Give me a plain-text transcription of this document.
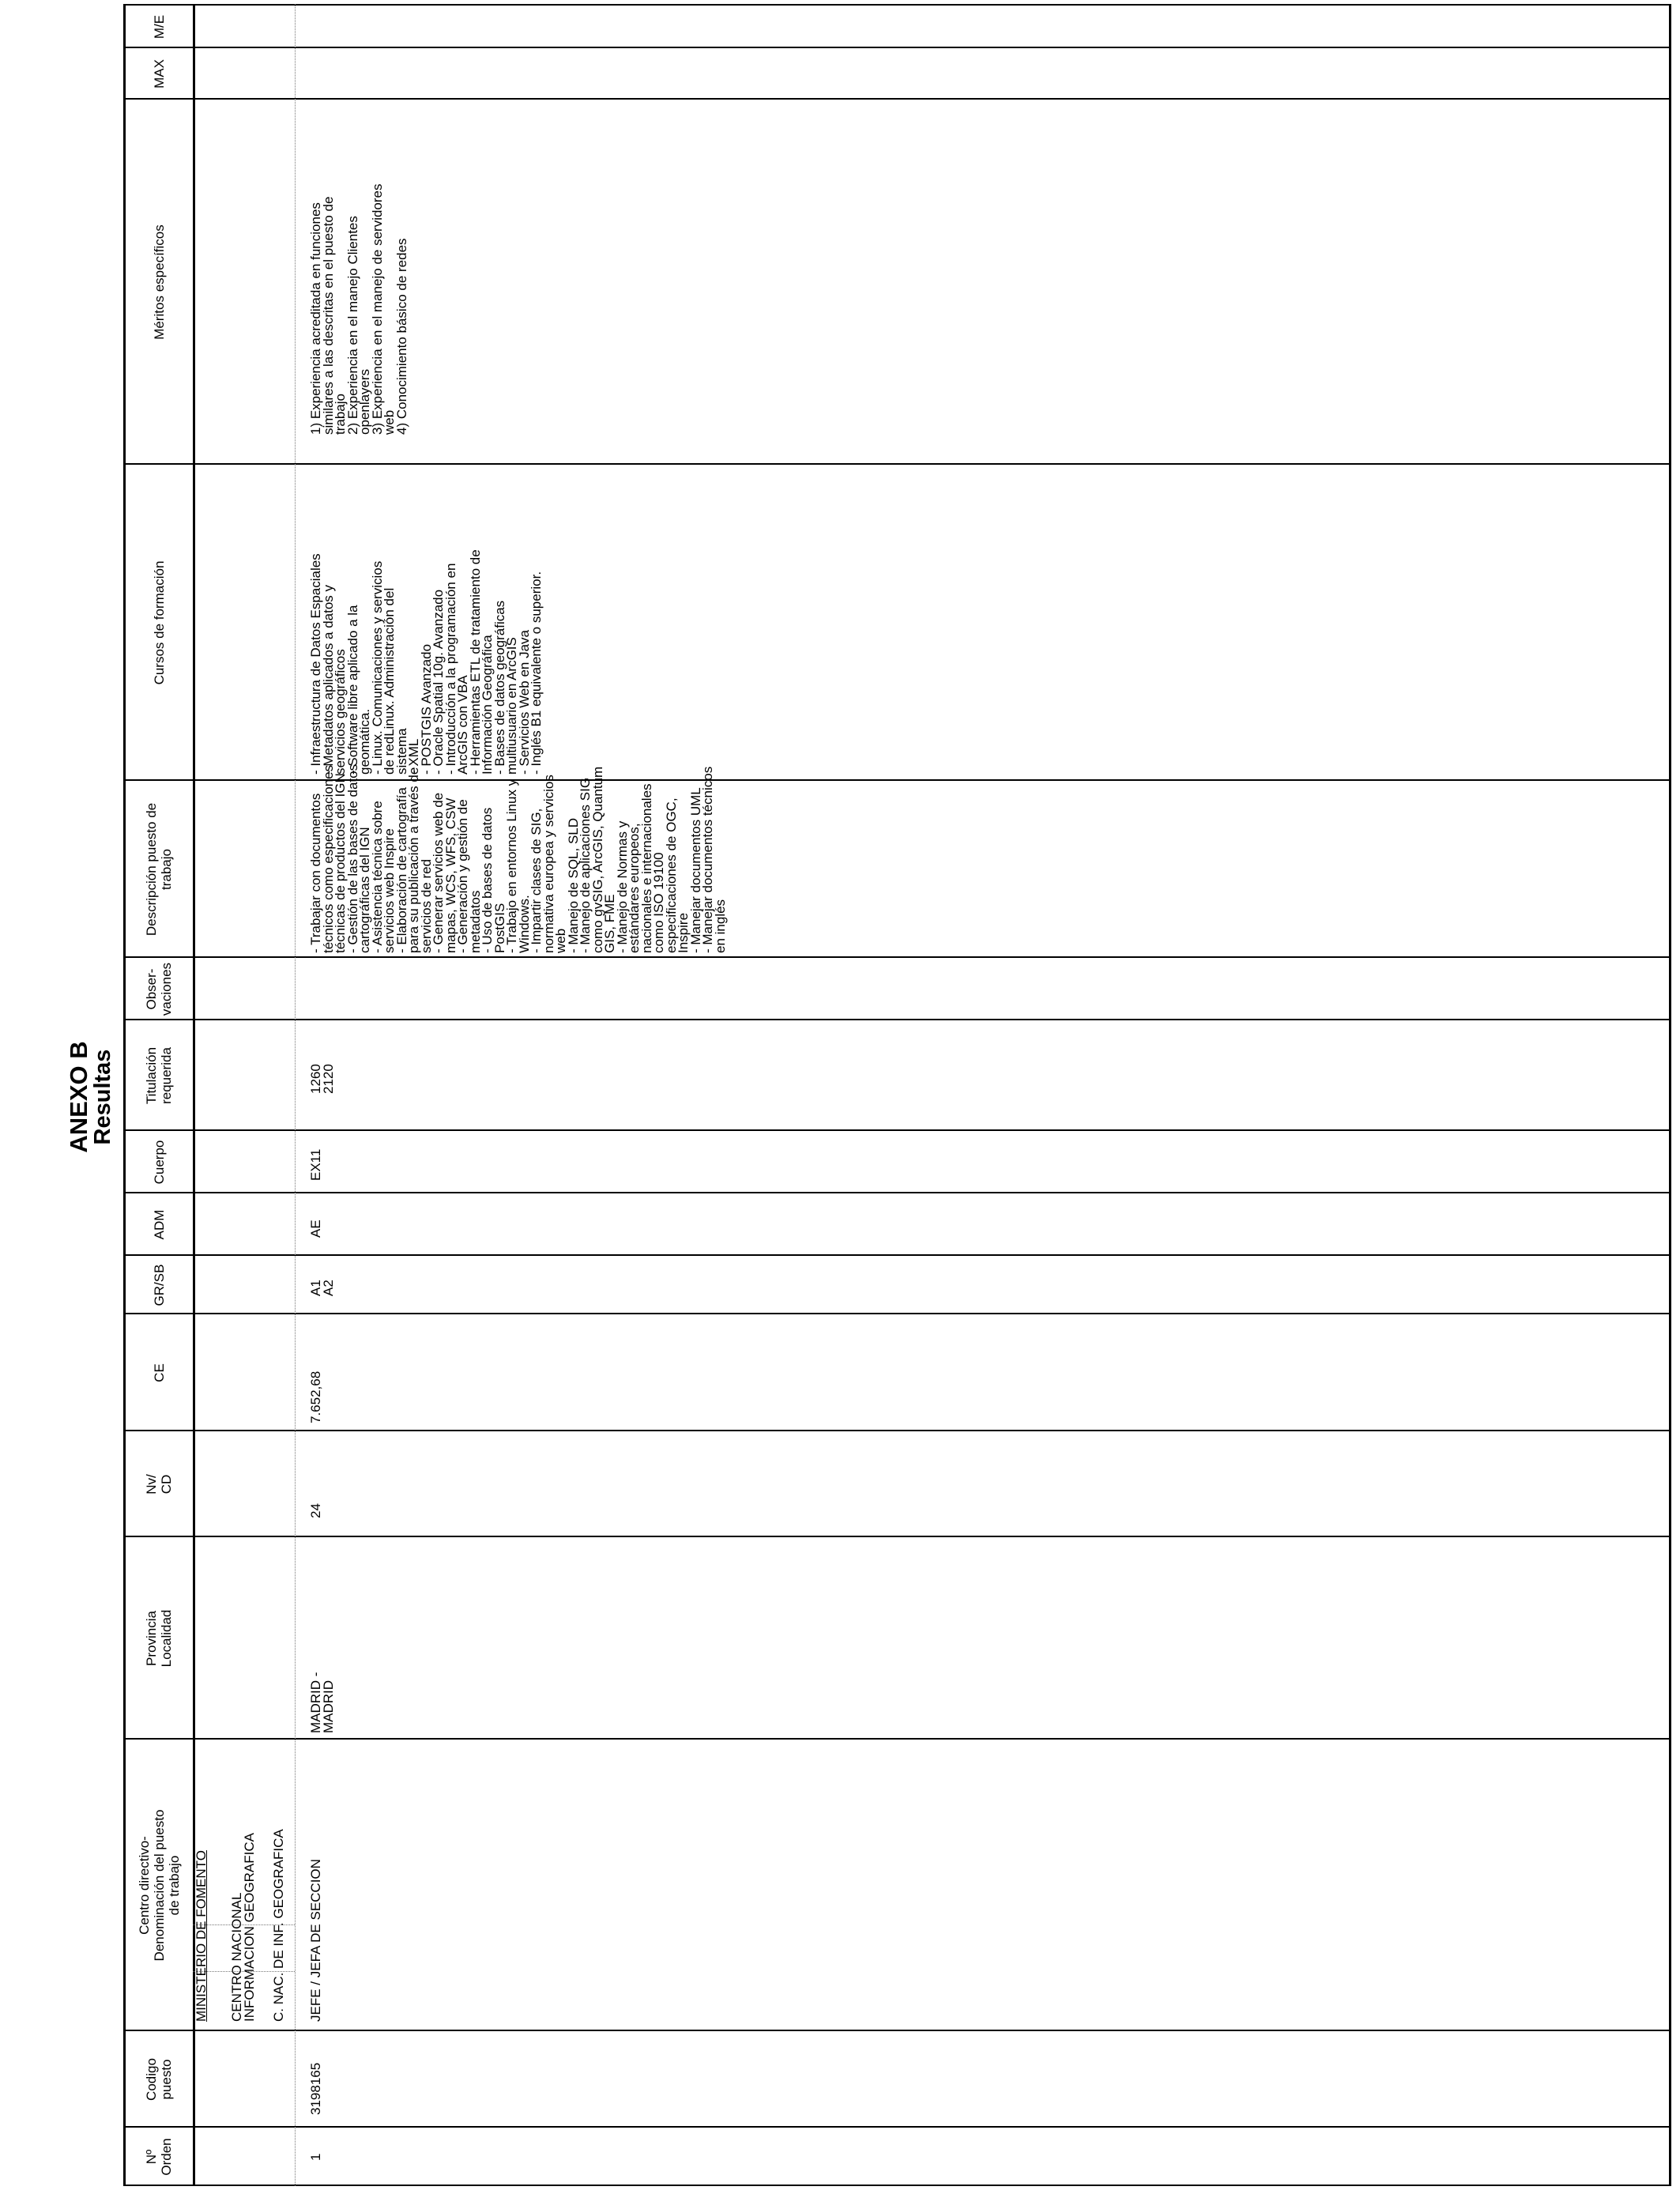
ANEXO B
Resultas
Nº
Orden
Codigo
puesto
Centro directivo-
Denominación del puesto
de trabajo
Provincia
Localidad
Nv/
CD
CE
GR/SB
ADM
Cuerpo
Titulación
requerida
Obser-
vaciones
Descripción puesto de
trabajo
Cursos de formación
Méritos específicos
MAX
M/E
MINISTERIO DE FOMENTO CENTRO NACIONAL
INFORMACION GEOGRAFICA C. NAC. DE INF. GEOGRAFICA
1
3198165
JEFE / JEFA DE SECCION
MADRID -
MADRID
24
7.652,68
A1
A2
AE
EX11
1260
2120
- Trabajar con documentos
técnicos como especificaciones
técnicas de productos del IGN
- Gestión de las bases de datos
cartográficas del IGN
- Asistencia técnica sobre
servicios web Inspire
- Elaboración de cartografía
para su publicación a través de
servicios de red
- Generar servicios web de
mapas, WCS, WFS, CSW
- Generación y gestión de
metadatos
- Uso de bases de datos
PostGIS
- Trabajo en entornos Linux y
Windows.
- Impartir clases de SIG,
normativa europea y servicios
web
- Manejo de SQL, SLD
- Manejo de aplicaciones SIG
como gvSIG, ArcGIS, Quantum
GIS, FME
- Manejo de Normas y
estándares europeos,
nacionales e internacionales
como ISO 19100
especificaciones de OGC,
Inspire
- Manejar documentos UML
- Manejar documentos técnicos
en inglés
- Infraestructura de Datos Espaciales
- Metadatos aplicados a datos y
servicios geográficos
- Software libre aplicado a la
geomática.
- Linux. Comunicaciones y servicios
de redLinux. Administración del
sistema
- XML
- POSTGIS Avanzado
- Oracle Spatial 10g. Avanzado
- Introducción a la programación en
ArcGIS con VBA
- Herramientas ETL de tratamiento de
Información Geográfica
- Bases de datos geográficas
multiusuario en ArcGIS
- Servicios Web en Java
- Inglés B1 equivalente o superior.
1) Experiencia acreditada en funciones
similares a las descritas en el puesto de
trabajo
2) Experiencia en el manejo Clientes
openlayers
3) Experiencia en el manejo de servidores
web
4) Conocimiento básico de redes
